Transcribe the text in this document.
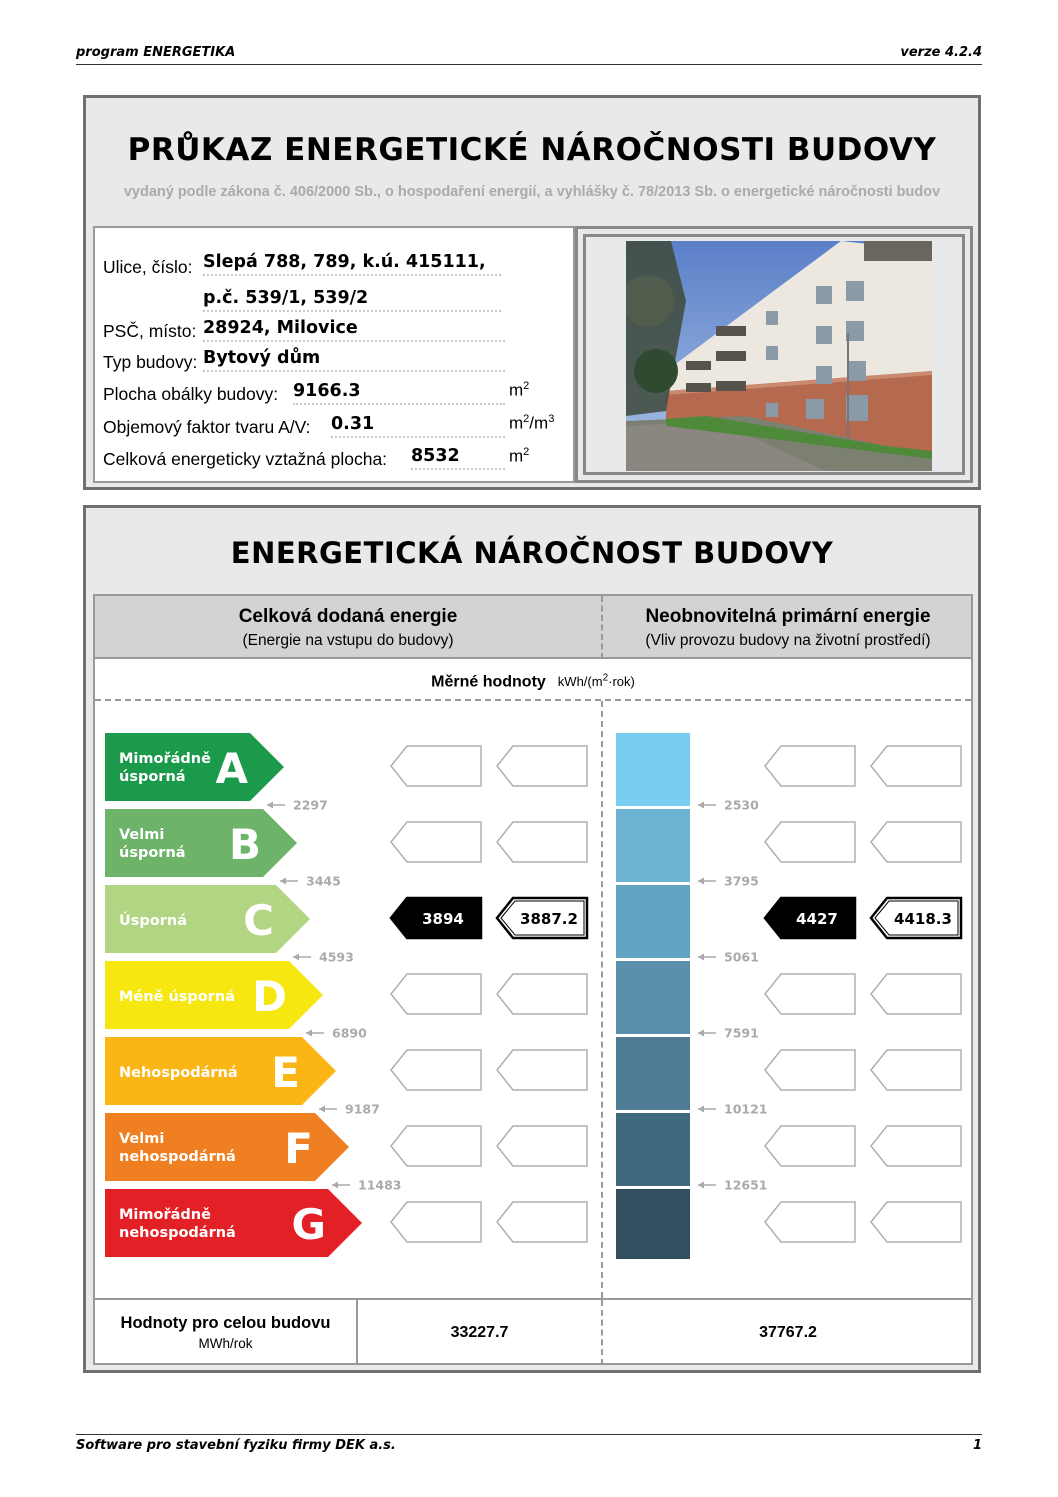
program ENERGETIKA	verze 4.2.4
PRŮKAZ ENERGETICKÉ NÁROČNOSTI BUDOVY
vydaný podle zákona č. 406/2000 Sb., o hospodaření energií, a vyhlášky č. 78/2013 Sb. o energetické náročnosti budov
Ulice, číslo: Slepá 788, 789, k.ú. 415111,
p.č. 539/1, 539/2
PSČ, místo: 28924, Milovice
Typ budovy: Bytový dům
Plocha obálky budovy: 9166.3	$m^2$
Objemový faktor tvaru A/V: 0.31	$m^2/m^3$
Celková energeticky vztažná plocha: 8532	$m^2$
ENERGETICKÁ NÁROČNOST BUDOVY
Celková dodaná energie
(Energie na vstupu do budovy)
Neobnovitelná primární energie
(Vliv provozu budovy na životní prostředí)
Měrné hodnoty kWh/$(m^2\cdot rok)$
Mimořádně
úsporná A
Velmi
úsporná B
Úsporná C
Méně úsporná D
Nehospodárná E
Velmi
nehospodárná F
Mimořádně
nehospodárná G
2297
3445
4593
6890
9187
11483
2530
3795
5061
7591
10121
12651
3894	3887.2	4427	4418.3
Hodnoty pro celou budovu
MWh/rok
33227.7	37767.2
Software pro stavební fyziku firmy DEK a.s.	1
